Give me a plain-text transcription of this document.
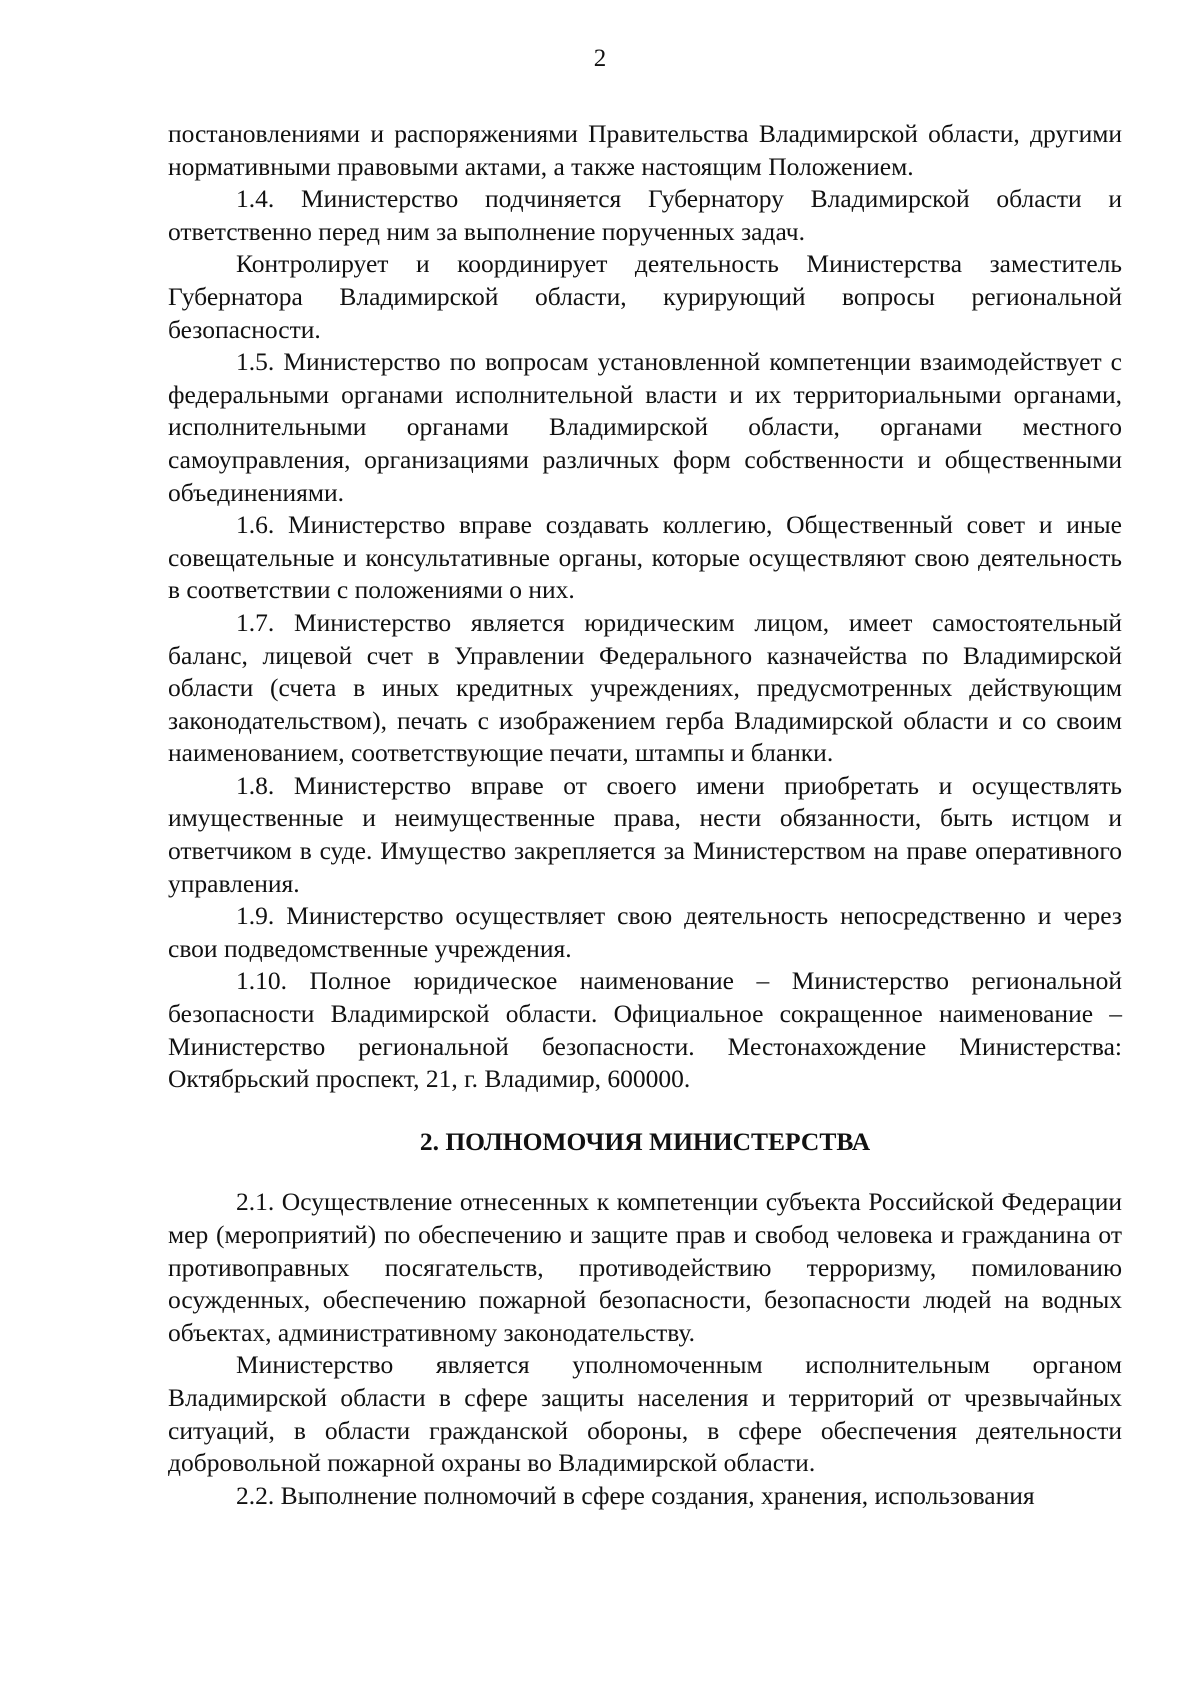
2

постановлениями и распоряжениями Правительства Владимирской области, другими нормативными правовыми актами, а также настоящим Положением.

1.4. Министерство подчиняется Губернатору Владимирской области и ответственно перед ним за выполнение порученных задач.

Контролирует и координирует деятельность Министерства заместитель Губернатора Владимирской области, курирующий вопросы региональной безопасности.

1.5. Министерство по вопросам установленной компетенции взаимодействует с федеральными органами исполнительной власти и их территориальными органами, исполнительными органами Владимирской области, органами местного самоуправления, организациями различных форм собственности и общественными объединениями.

1.6. Министерство вправе создавать коллегию, Общественный совет и иные совещательные и консультативные органы, которые осуществляют свою деятельность в соответствии с положениями о них.

1.7. Министерство является юридическим лицом, имеет самостоятельный баланс, лицевой счет в Управлении Федерального казначейства по Владимирской области (счета в иных кредитных учреждениях, предусмотренных действующим законодательством), печать с изображением герба Владимирской области и со своим наименованием, соответствующие печати, штампы и бланки.

1.8. Министерство вправе от своего имени приобретать и осуществлять имущественные и неимущественные права, нести обязанности, быть истцом и ответчиком в суде. Имущество закрепляется за Министерством на праве оперативного управления.

1.9. Министерство осуществляет свою деятельность непосредственно и через свои подведомственные учреждения.

1.10. Полное юридическое наименование – Министерство региональной безопасности Владимирской области. Официальное сокращенное наименование – Министерство региональной безопасности. Местонахождение Министерства: Октябрьский проспект, 21, г. Владимир, 600000.

2. ПОЛНОМОЧИЯ МИНИСТЕРСТВА

2.1. Осуществление отнесенных к компетенции субъекта Российской Федерации мер (мероприятий) по обеспечению и защите прав и свобод человека и гражданина от противоправных посягательств, противодействию терроризму, помилованию осужденных, обеспечению пожарной безопасности, безопасности людей на водных объектах, административному законодательству.

Министерство является уполномоченным исполнительным органом Владимирской области в сфере защиты населения и территорий от чрезвычайных ситуаций, в области гражданской обороны, в сфере обеспечения деятельности добровольной пожарной охраны во Владимирской области.

2.2. Выполнение полномочий в сфере создания, хранения, использования
